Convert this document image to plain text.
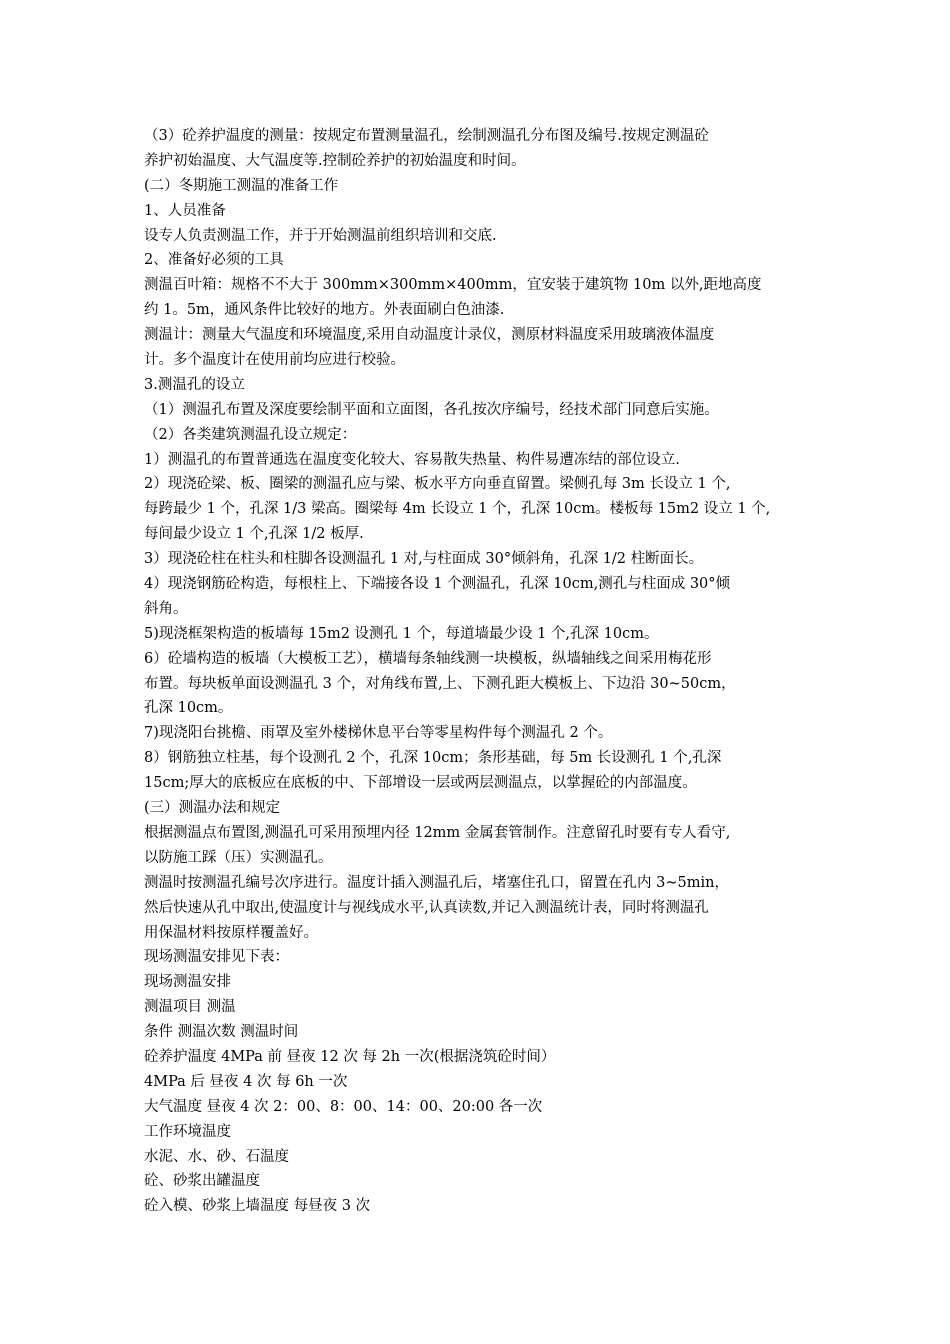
（3）砼养护温度的测量：按规定布置测量温孔，绘制测温孔分布图及编号.按规定测温砼
养护初始温度、大气温度等.控制砼养护的初始温度和时间。
(二）冬期施工测温的准备工作
1、人员准备
设专人负责测温工作，并于开始测温前组织培训和交底.
2、准备好必须的工具
测温百叶箱：规格不不大于 300mm×300mm×400mm，宜安装于建筑物 10m 以外,距地高度
约 1。5m，通风条件比较好的地方。外表面刷白色油漆.
测温计：测量大气温度和环境温度,采用自动温度计录仪，测原材料温度采用玻璃液体温度
计。多个温度计在使用前均应进行校验。
3.测温孔的设立
（1）测温孔布置及深度要绘制平面和立面图，各孔按次序编号，经技术部门同意后实施。
（2）各类建筑测温孔设立规定：
1）测温孔的布置普通选在温度变化较大、容易散失热量、构件易遭冻结的部位设立.
2）现浇砼梁、板、圈梁的测温孔应与梁、板水平方向垂直留置。梁侧孔每 3m 长设立 1 个,
每跨最少 1 个，孔深 1/3 梁高。圈梁每 4m 长设立 1 个，孔深 10cm。楼板每 15m2 设立 1 个,
每间最少设立 1 个,孔深 1/2 板厚.
3）现浇砼柱在柱头和柱脚各设测温孔 1 对,与柱面成 30°倾斜角，孔深 1/2 柱断面长。
4）现浇钢筋砼构造，每根柱上、下端接各设 1 个测温孔，孔深 10cm,测孔与柱面成 30°倾
斜角。
5)现浇框架构造的板墙每 15m2 设测孔 1 个，每道墙最少设 1 个,孔深 10cm。
6）砼墙构造的板墙（大模板工艺），横墙每条轴线测一块模板，纵墙轴线之间采用梅花形
布置。每块板单面设测温孔 3 个，对角线布置,上、下测孔距大模板上、下边沿 30~50cm，
孔深 10cm。
7)现浇阳台挑檐、雨罩及室外楼梯休息平台等零星构件每个测温孔 2 个。
8）钢筋独立柱基，每个设测孔 2 个，孔深 10cm；条形基础，每 5m 长设测孔 1 个,孔深
15cm;厚大的底板应在底板的中、下部增设一层或两层测温点，以掌握砼的内部温度。
(三）测温办法和规定
根据测温点布置图,测温孔可采用预埋内径 12mm 金属套管制作。注意留孔时要有专人看守,
以防施工踩（压）实测温孔。
测温时按测温孔编号次序进行。温度计插入测温孔后，堵塞住孔口，留置在孔内 3~5min，
然后快速从孔中取出,使温度计与视线成水平,认真读数,并记入测温统计表，同时将测温孔
用保温材料按原样覆盖好。
现场测温安排见下表：
现场测温安排
测温项目 测温
条件 测温次数 测温时间
砼养护温度 4MPa 前 昼夜 12 次 每 2h 一次(根据浇筑砼时间）
4MPa 后 昼夜 4 次 每 6h 一次
大气温度 昼夜 4 次 2：00、8：00、14：00、20:00 各一次
工作环境温度
水泥、水、砂、石温度
砼、砂浆出罐温度
砼入模、砂浆上墙温度 每昼夜 3 次
